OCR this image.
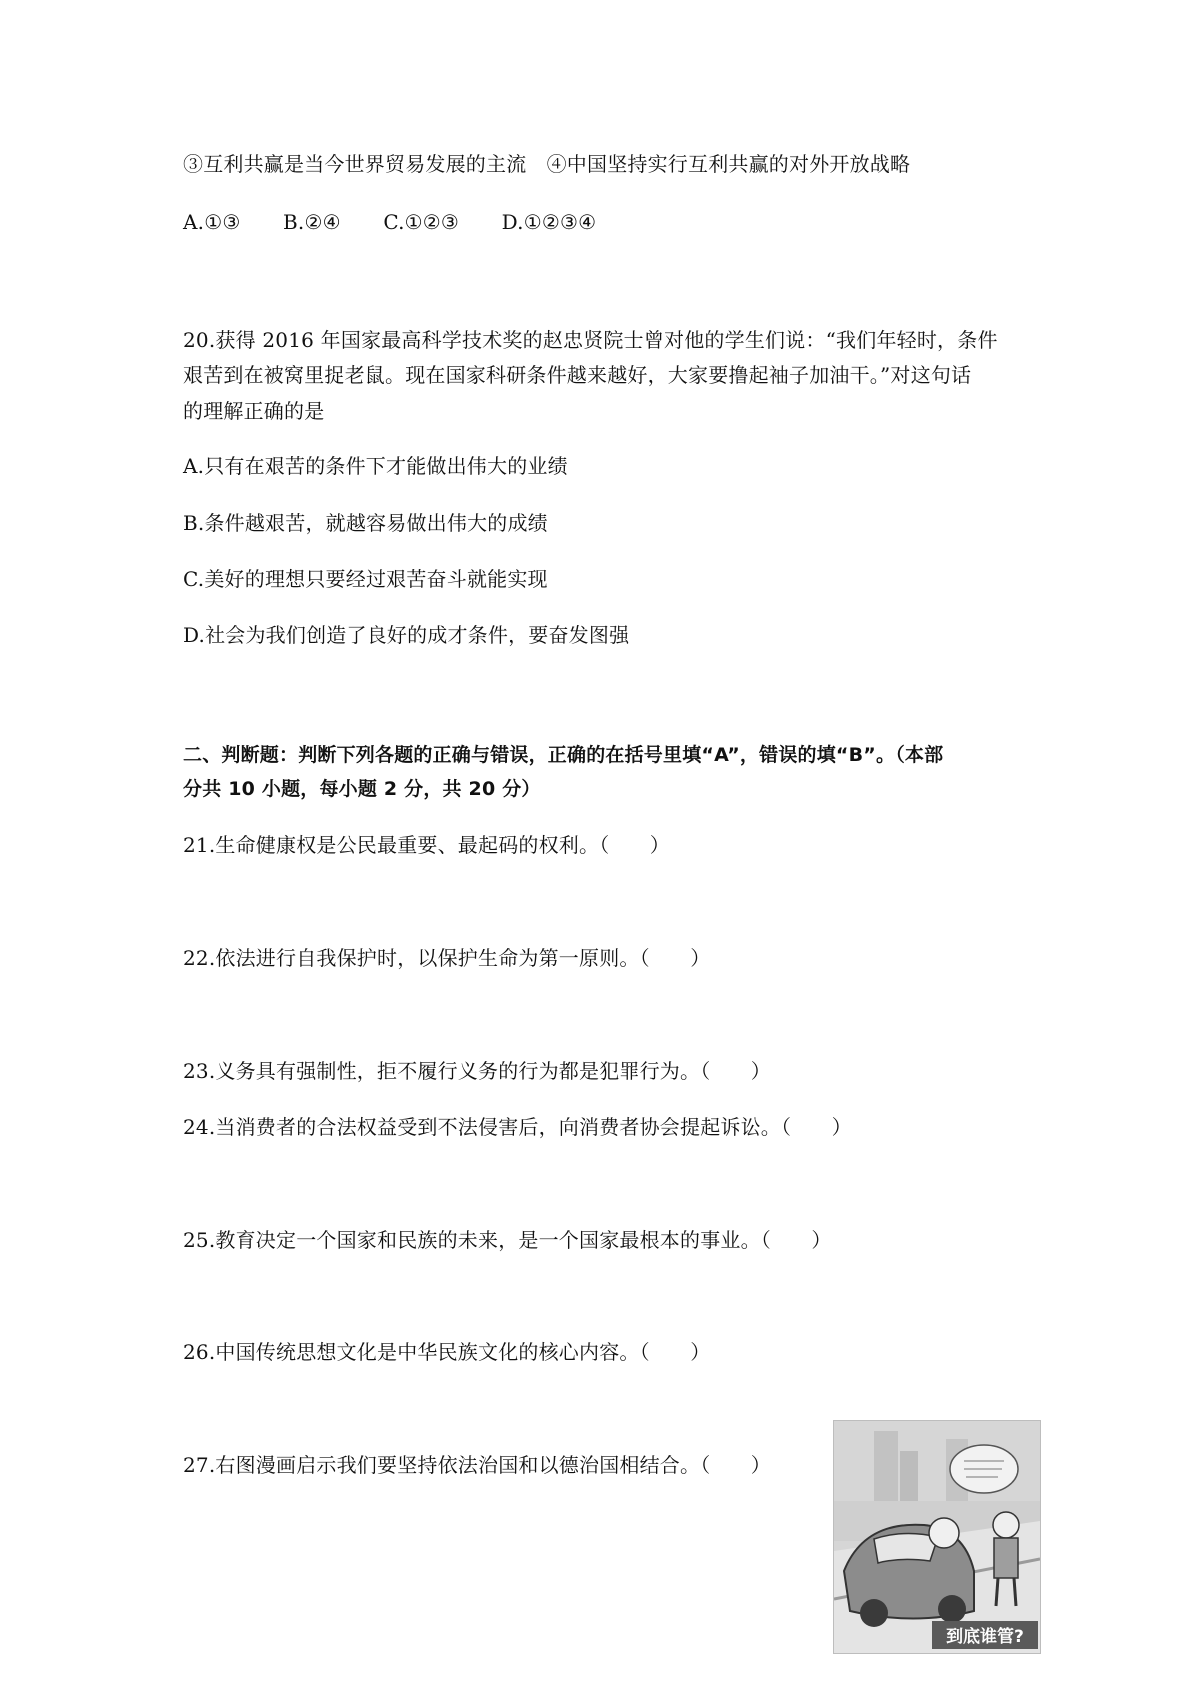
③互利共赢是当今世界贸易发展的主流　④中国坚持实行互利共赢的对外开放战略
A.①③ B.②④ C.①②③ D.①②③④
20.获得 2016 年国家最高科学技术奖的赵忠贤院士曾对他的学生们说：“我们年轻时，条件
艰苦到在被窝里捉老鼠。现在国家科研条件越来越好，大家要撸起袖子加油干。”对这句话
的理解正确的是
A.只有在艰苦的条件下才能做出伟大的业绩
B.条件越艰苦，就越容易做出伟大的成绩
C.美好的理想只要经过艰苦奋斗就能实现
D.社会为我们创造了良好的成才条件，要奋发图强
二、判断题：判断下列各题的正确与错误，正确的在括号里填“A”，错误的填“B”。（本部
分共 10 小题，每小题 2 分，共 20 分）
21.生命健康权是公民最重要、最起码的权利。（　　）
22.依法进行自我保护时，以保护生命为第一原则。（　　）
23.义务具有强制性，拒不履行义务的行为都是犯罪行为。（　　）
24.当消费者的合法权益受到不法侵害后，向消费者协会提起诉讼。（　　）
25.教育决定一个国家和民族的未来，是一个国家最根本的事业。（　　）
26.中国传统思想文化是中华民族文化的核心内容。（　　）
27.右图漫画启示我们要坚持依法治国和以德治国相结合。（　　）
到底谁管?
